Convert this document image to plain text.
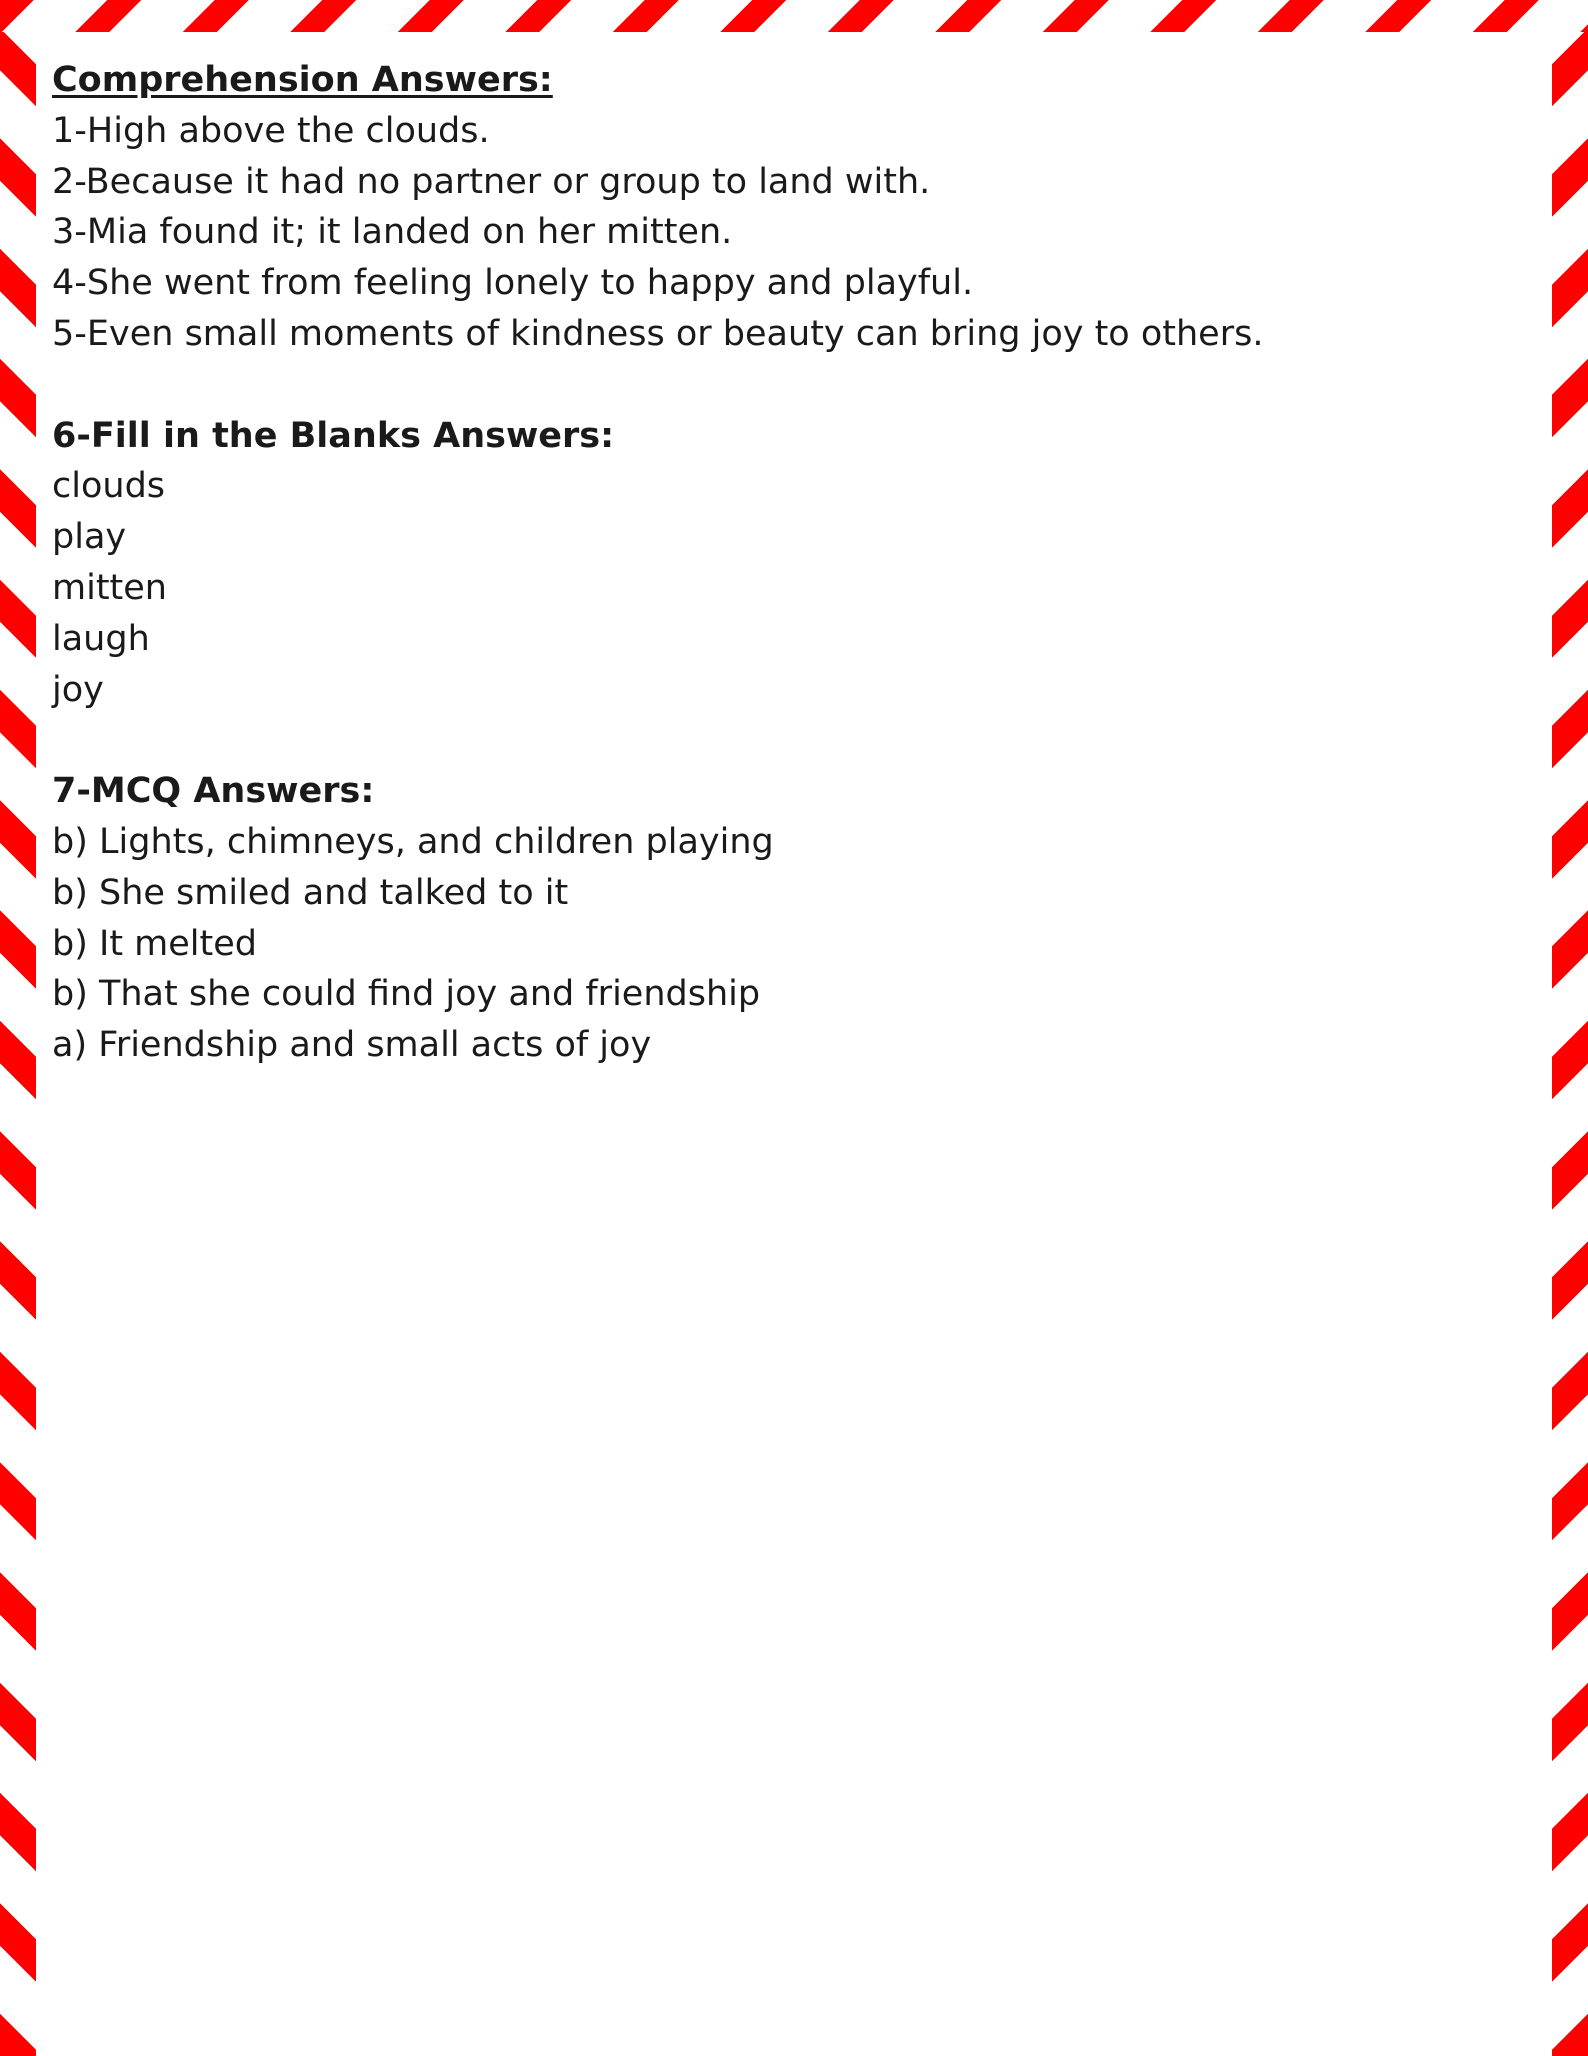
Comprehension Answers:

1-High above the clouds.

2-Because it had no partner or group to land with.

3-Mia found it; it landed on her mitten.

4-She went from feeling lonely to happy and playful.

5-Even small moments of kindness or beauty can bring joy to others.

6-Fill in the Blanks Answers:

clouds

play

mitten

laugh

joy

7-MCQ Answers:

b) Lights, chimneys, and children playing

b) She smiled and talked to it

b) It melted

b) That she could find joy and friendship

a) Friendship and small acts of joy
